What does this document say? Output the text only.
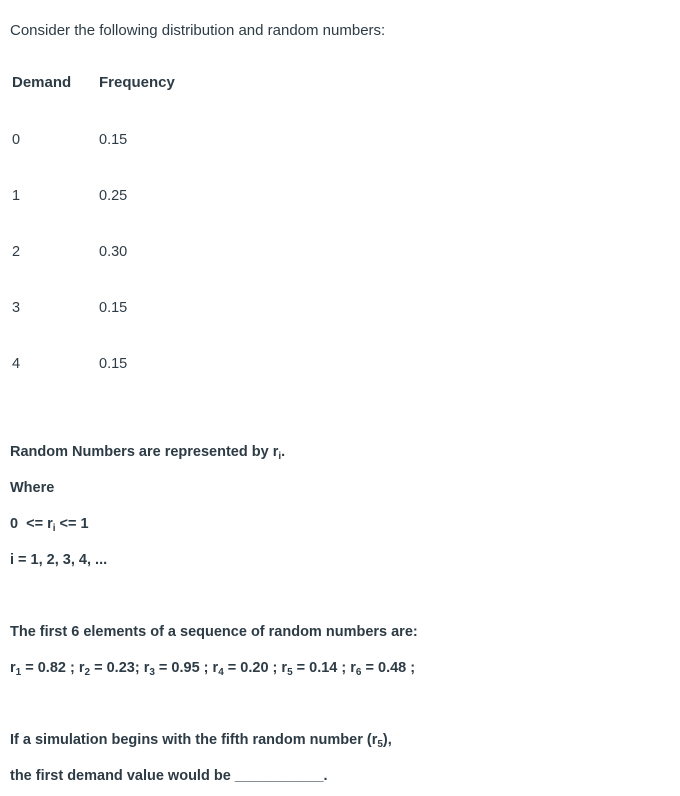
Consider the following distribution and random numbers:
Demand Frequency
0	0.15
1	0.25
2	0.30
3	0.15
4	0.15
Random Numbers are represented by $r_i$.
Where
$0 <= r_i <= 1$
i = 1, 2, 3, 4, ...
The first 6 elements of a sequence of random numbers are:
$r_1 = 0.82$ ; $r_2 = 0.23$; $r_3 = 0.95$ ; $r_4 = 0.20$ ; $r_5 = 0.14$ ; $r_6 = 0.48$ ;
If a simulation begins with the fifth random number $(r_5)$,
the first demand value would be ___________.
